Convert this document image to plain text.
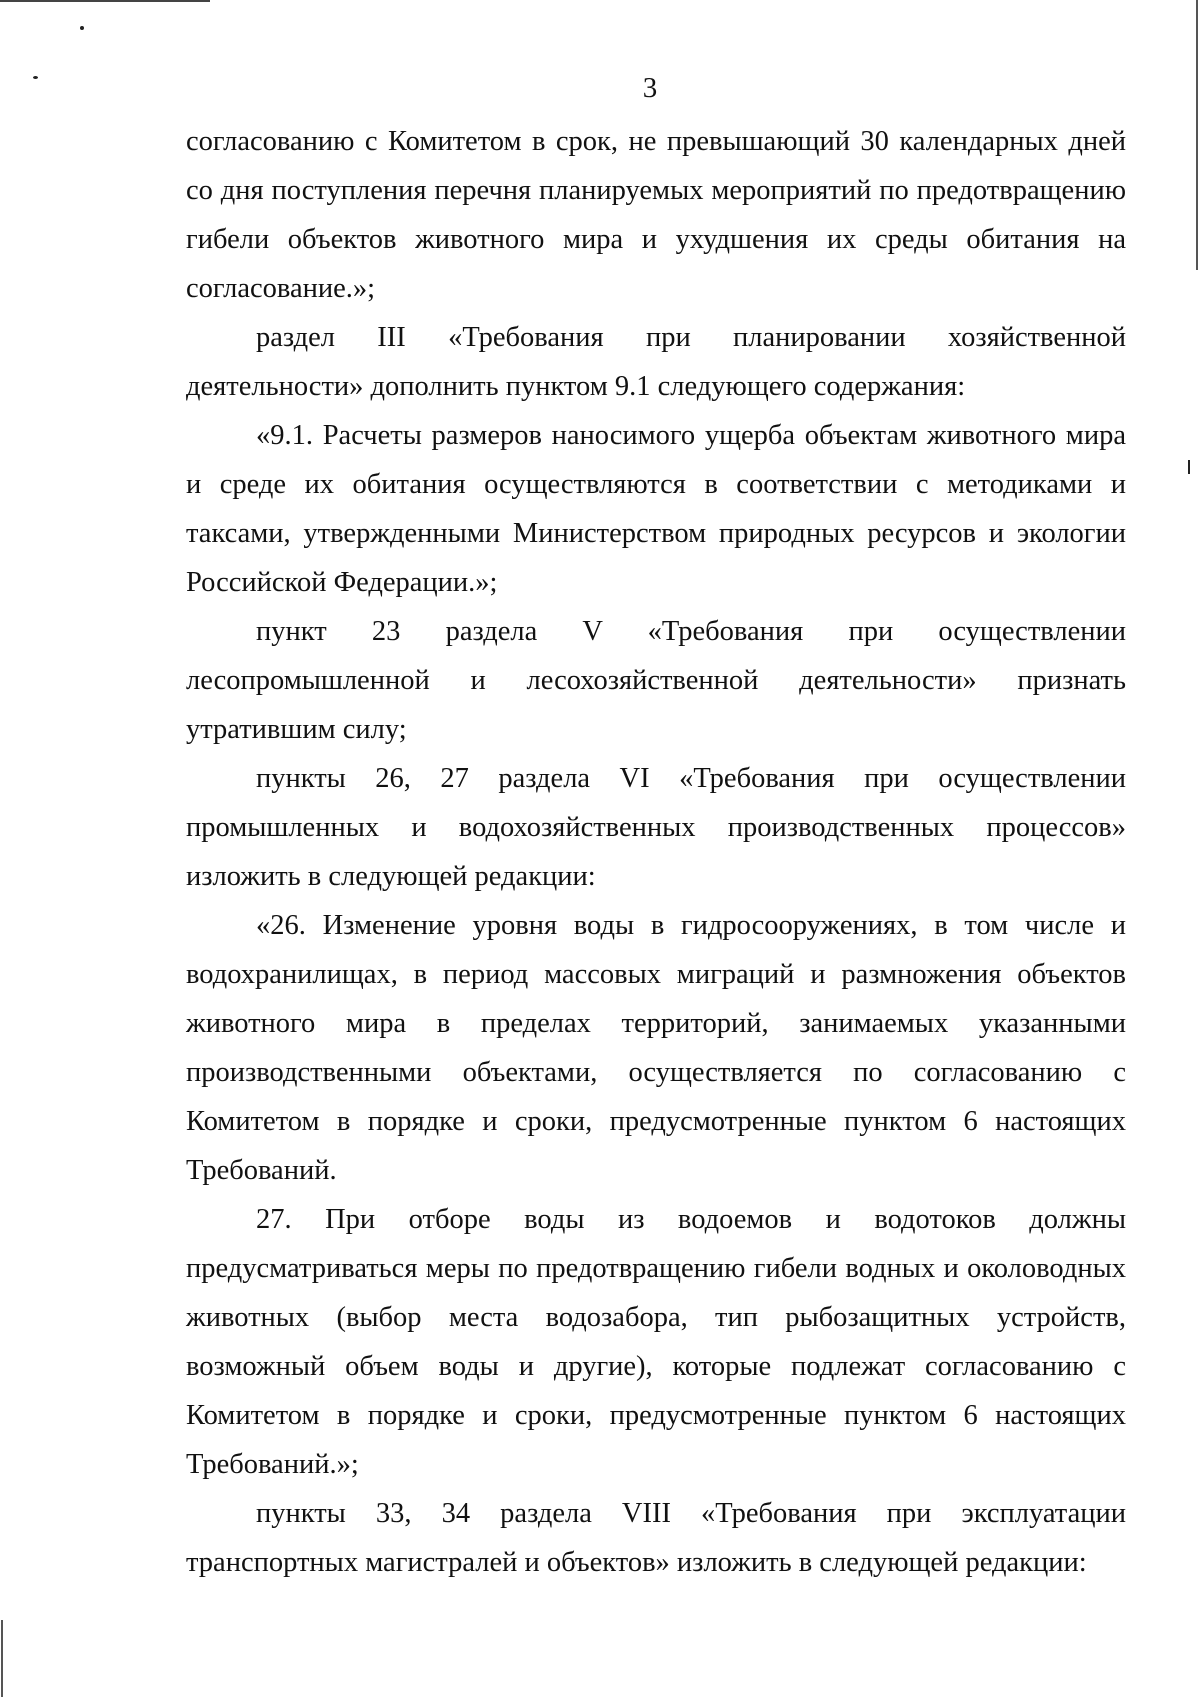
3

согласованию с Комитетом в срок, не превышающий 30 календарных дней со дня поступления перечня планируемых мероприятий по предотвращению гибели объектов животного мира и ухудшения их среды обитания на согласование.»;

раздел III «Требования при планировании хозяйственной деятельности» дополнить пунктом 9.1 следующего содержания:

«9.1. Расчеты размеров наносимого ущерба объектам животного мира и среде их обитания осуществляются в соответствии с методиками и таксами, утвержденными Министерством природных ресурсов и экологии Российской Федерации.»;

пункт 23 раздела V «Требования при осуществлении лесопромышленной и лесохозяйственной деятельности» признать утратившим силу;

пункты 26, 27 раздела VI «Требования при осуществлении промышленных и водохозяйственных производственных процессов» изложить в следующей редакции:

«26. Изменение уровня воды в гидросооружениях, в том числе и водохранилищах, в период массовых миграций и размножения объектов животного мира в пределах территорий, занимаемых указанными производственными объектами, осуществляется по согласованию с Комитетом в порядке и сроки, предусмотренные пунктом 6 настоящих Требований.

27. При отборе воды из водоемов и водотоков должны предусматриваться меры по предотвращению гибели водных и околоводных животных (выбор места водозабора, тип рыбозащитных устройств, возможный объем воды и другие), которые подлежат согласованию с Комитетом в порядке и сроки, предусмотренные пунктом 6 настоящих Требований.»;

пункты 33, 34 раздела VIII «Требования при эксплуатации транспортных магистралей и объектов» изложить в следующей редакции:
